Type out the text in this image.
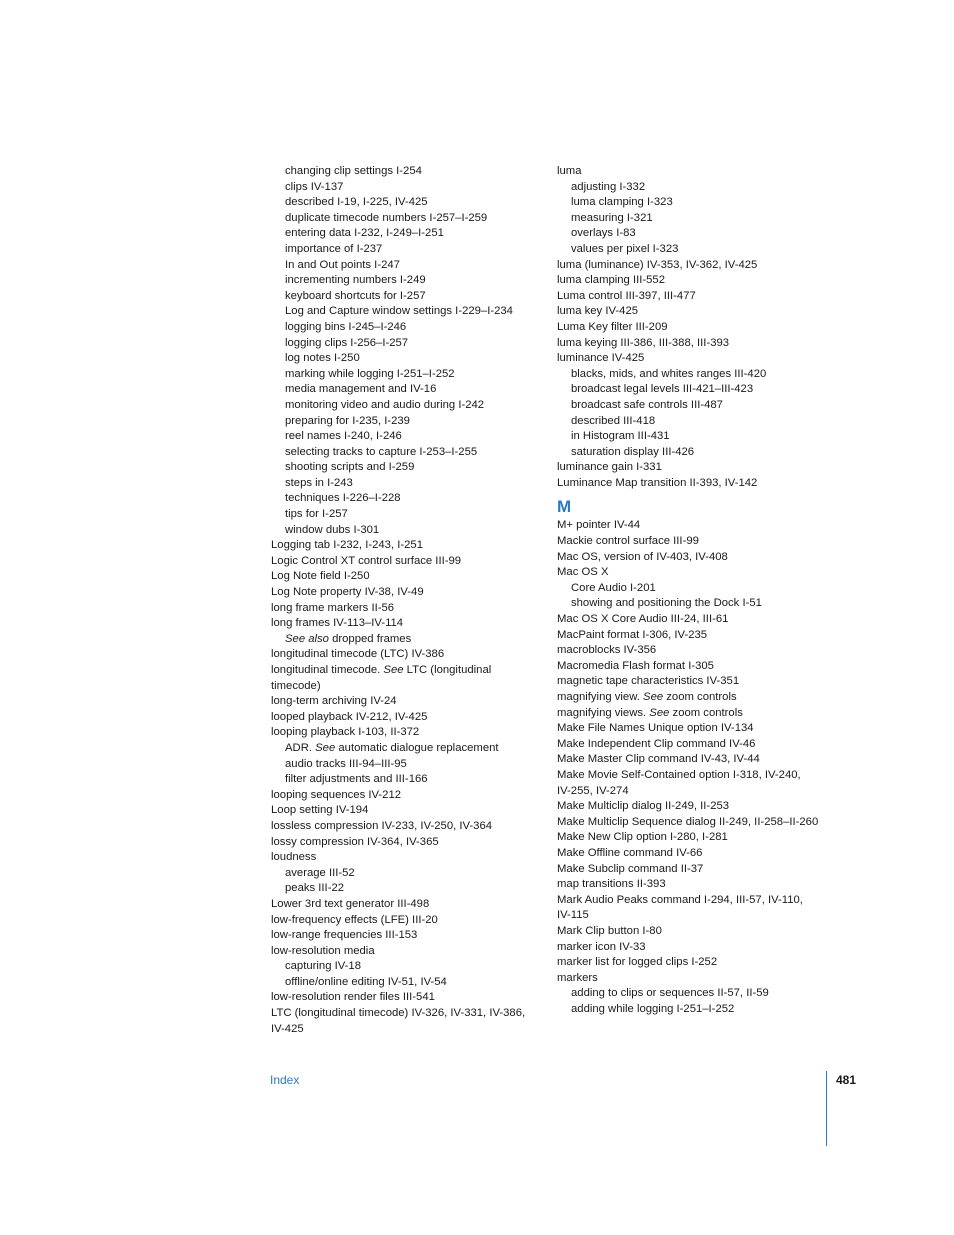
changing clip settings I-254
clips IV-137
described I-19, I-225, IV-425
duplicate timecode numbers I-257–I-259
entering data I-232, I-249–I-251
importance of I-237
In and Out points I-247
incrementing numbers I-249
keyboard shortcuts for I-257
Log and Capture window settings I-229–I-234
logging bins I-245–I-246
logging clips I-256–I-257
log notes I-250
marking while logging I-251–I-252
media management and IV-16
monitoring video and audio during I-242
preparing for I-235, I-239
reel names I-240, I-246
selecting tracks to capture I-253–I-255
shooting scripts and I-259
steps in I-243
techniques I-226–I-228
tips for I-257
window dubs I-301
Logging tab I-232, I-243, I-251
Logic Control XT control surface III-99
Log Note field I-250
Log Note property IV-38, IV-49
long frame markers II-56
long frames IV-113–IV-114
See also dropped frames
longitudinal timecode (LTC) IV-386
longitudinal timecode. See LTC (longitudinal
timecode)
long-term archiving IV-24
looped playback IV-212, IV-425
looping playback I-103, II-372
ADR. See automatic dialogue replacement
audio tracks III-94–III-95
filter adjustments and III-166
looping sequences IV-212
Loop setting IV-194
lossless compression IV-233, IV-250, IV-364
lossy compression IV-364, IV-365
loudness
average III-52
peaks III-22
Lower 3rd text generator III-498
low-frequency effects (LFE) III-20
low-range frequencies III-153
low-resolution media
capturing IV-18
offline/online editing IV-51, IV-54
low-resolution render files III-541
LTC (longitudinal timecode) IV-326, IV-331, IV-386,
IV-425
luma
adjusting I-332
luma clamping I-323
measuring I-321
overlays I-83
values per pixel I-323
luma (luminance) IV-353, IV-362, IV-425
luma clamping III-552
Luma control III-397, III-477
luma key IV-425
Luma Key filter III-209
luma keying III-386, III-388, III-393
luminance IV-425
blacks, mids, and whites ranges III-420
broadcast legal levels III-421–III-423
broadcast safe controls III-487
described III-418
in Histogram III-431
saturation display III-426
luminance gain I-331
Luminance Map transition II-393, IV-142
M
M+ pointer IV-44
Mackie control surface III-99
Mac OS, version of IV-403, IV-408
Mac OS X
Core Audio I-201
showing and positioning the Dock I-51
Mac OS X Core Audio III-24, III-61
MacPaint format I-306, IV-235
macroblocks IV-356
Macromedia Flash format I-305
magnetic tape characteristics IV-351
magnifying view. See zoom controls
magnifying views. See zoom controls
Make File Names Unique option IV-134
Make Independent Clip command IV-46
Make Master Clip command IV-43, IV-44
Make Movie Self-Contained option I-318, IV-240,
IV-255, IV-274
Make Multiclip dialog II-249, II-253
Make Multiclip Sequence dialog II-249, II-258–II-260
Make New Clip option I-280, I-281
Make Offline command IV-66
Make Subclip command II-37
map transitions II-393
Mark Audio Peaks command I-294, III-57, IV-110,
IV-115
Mark Clip button I-80
marker icon IV-33
marker list for logged clips I-252
markers
adding to clips or sequences II-57, II-59
adding while logging I-251–I-252
Index	481
